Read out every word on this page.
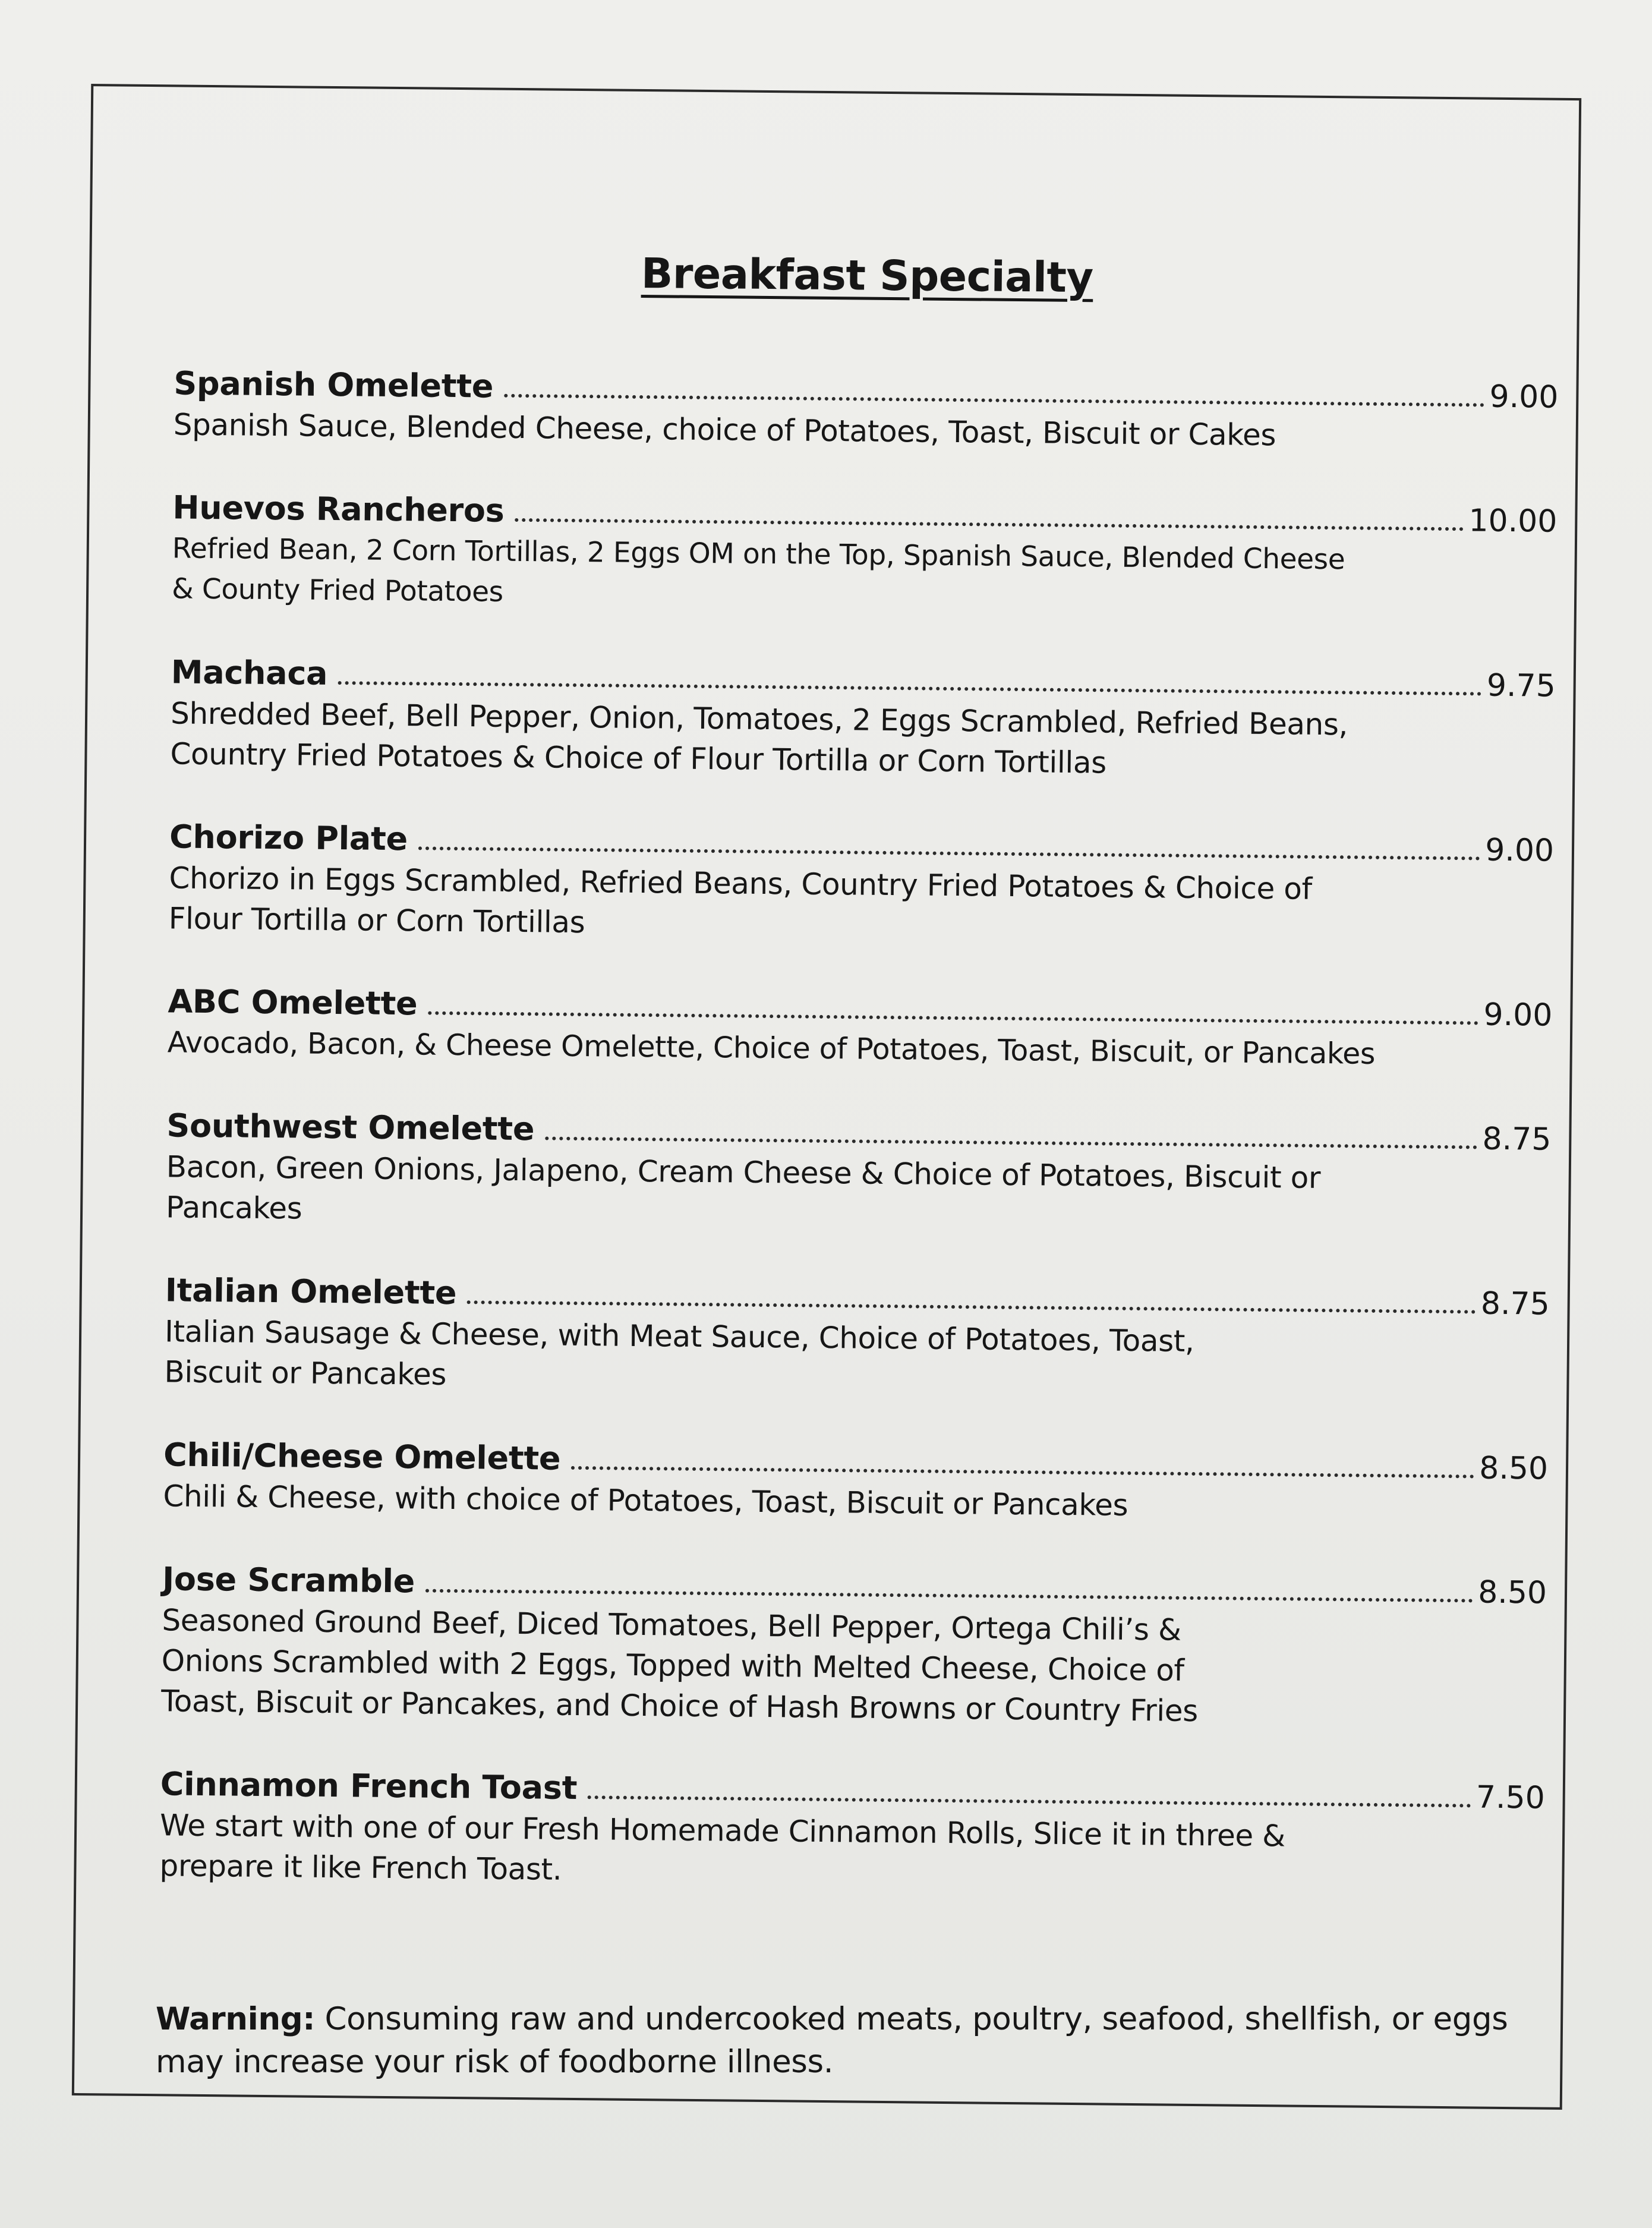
Breakfast Specialty
Spanish Omelette	9.00
Spanish Sauce, Blended Cheese, choice of Potatoes, Toast, Biscuit or Cakes
Huevos Rancheros	10.00
Refried Bean, 2 Corn Tortillas, 2 Eggs OM on the Top, Spanish Sauce, Blended Cheese
& County Fried Potatoes
Machaca	9.75
Shredded Beef, Bell Pepper, Onion, Tomatoes, 2 Eggs Scrambled, Refried Beans,
Country Fried Potatoes & Choice of Flour Tortilla or Corn Tortillas
Chorizo Plate	9.00
Chorizo in Eggs Scrambled, Refried Beans, Country Fried Potatoes & Choice of
Flour Tortilla or Corn Tortillas
ABC Omelette	9.00
Avocado, Bacon, & Cheese Omelette, Choice of Potatoes, Toast, Biscuit, or Pancakes
Southwest Omelette	8.75
Bacon, Green Onions, Jalapeno, Cream Cheese & Choice of Potatoes, Biscuit or
Pancakes
Italian Omelette	8.75
Italian Sausage & Cheese, with Meat Sauce, Choice of Potatoes, Toast,
Biscuit or Pancakes
Chili/Cheese Omelette	8.50
Chili & Cheese, with choice of Potatoes, Toast, Biscuit or Pancakes
Jose Scramble	8.50
Seasoned Ground Beef, Diced Tomatoes, Bell Pepper, Ortega Chili’s &
Onions Scrambled with 2 Eggs, Topped with Melted Cheese, Choice of
Toast, Biscuit or Pancakes, and Choice of Hash Browns or Country Fries
Cinnamon French Toast	7.50
We start with one of our Fresh Homemade Cinnamon Rolls, Slice it in three &
prepare it like French Toast.
Warning: Consuming raw and undercooked meats, poultry, seafood, shellfish, or eggs may increase your risk of foodborne illness.
